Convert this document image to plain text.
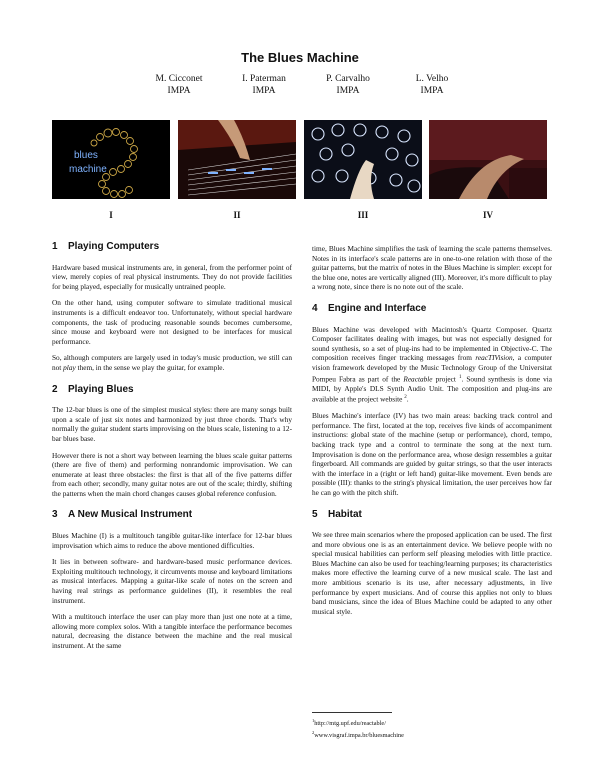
The Blues Machine
M. Cicconet
IMPA
I. Paterman
IMPA
P. Carvalho
IMPA
L. Velho
IMPA
blues
machine
I	II	III	IV
1 Playing Computers

Hardware based musical instruments are, in general, from the performer point of view, merely copies of real physical instruments. They do not provide facilities for being played, especially for musically untrained people.

On the other hand, using computer software to simulate traditional musical instruments is a difficult endeavor too. Unfortunately, without special hardware components, the task of producing reasonable sounds becomes cumbersome, since mouse and keyboard were not designed to be interfaces for musical performance.

So, although computers are largely used in today's music production, we still can not play them, in the sense we play the guitar, for example.

2 Playing Blues

The 12-bar blues is one of the simplest musical styles: there are many songs built upon a scale of just six notes and harmonized by just three chords. That's why normally the guitar student starts improvising on the blues scale, listening to a 12-bar blues base.

However there is not a short way between learning the blues scale guitar patterns (there are five of them) and performing nonrandomic improvisation. We can enumerate at least three obstacles: the first is that all of the five patterns differ from each other; secondly, many guitar notes are out of the scale; thirdly, shifting the patterns when the main chord changes causes global reference confusion.

3 A New Musical Instrument

Blues Machine (I) is a multitouch tangible guitar-like interface for 12-bar blues improvisation which aims to reduce the above mentioned difficulties.

It lies in between software- and hardware-based music performance devices. Exploiting multitouch technology, it circumvents mouse and keyboard limitations as musical interfaces. Mapping a guitar-like scale of notes on the screen and having real strings as performance guidelines (II), it resembles the real instrument.

With a multitouch interface the user can play more than just one note at a time, allowing more complex solos. With a tangible interface the performance becomes natural, decreasing the distance between the machine and the real musical instrument. At the same

time, Blues Machine simplifies the task of learning the scale patterns themselves. Notes in its interface's scale patterns are in one-to-one relation with those of the guitar patterns, but the matrix of notes in the Blues Machine is simpler: except for the blue one, notes are vertically aligned (III). Moreover, it's more difficult to play a wrong note, since there is no note out of the scale.

4 Engine and Interface

Blues Machine was developed with Macintosh's Quartz Composer. Quartz Composer facilitates dealing with images, but was not especially designed for sound synthesis, so a set of plug-ins had to be implemented in Objective-C. The composition receives finger tracking messages from reacTIVision, a computer vision framework developed by the Music Technology Group of the Universitat Pompeu Fabra as part of the Reactable project $^1$. Sound synthesis is done via MIDI, by Apple's DLS Synth Audio Unit. The composition and plug-ins are available at the project website $^2$.

Blues Machine's interface (IV) has two main areas: backing track control and performance. The first, located at the top, receives five kinds of accompaniment instructions: global state of the machine (setup or performance), chord, tempo, backing track type and a control to terminate the song at the next turn. Improvisation is done on the performance area, whose design ressembles a guitar fingerboard. All commands are guided by guitar strings, so that the user interacts with the interface in a (right or left hand) guitar-like movement. Even bends are possible (III): thanks to the string's physical limitation, the user perceives how far he can go with the pitch shift.

5 Habitat

We see three main scenarios where the proposed application can be used. The first and more obvious one is as an entertainment device. We believe people with no special musical habilities can perform self pleasing melodies with little practice. Blues Machine can also be used for teaching/learning purposes; its characteristics makes more effective the learning curve of a new musical scale. The last and more ambitious scenario is its use, after necessary adjustments, in live performance by expert musicians. And of course this applies not only to blues band musicians, since the idea of Blues Machine could be adapted to any other musical style.

$^1$http://mtg.upf.edu/reactable/
$^2$www.visgraf.impa.br/bluesmachine
